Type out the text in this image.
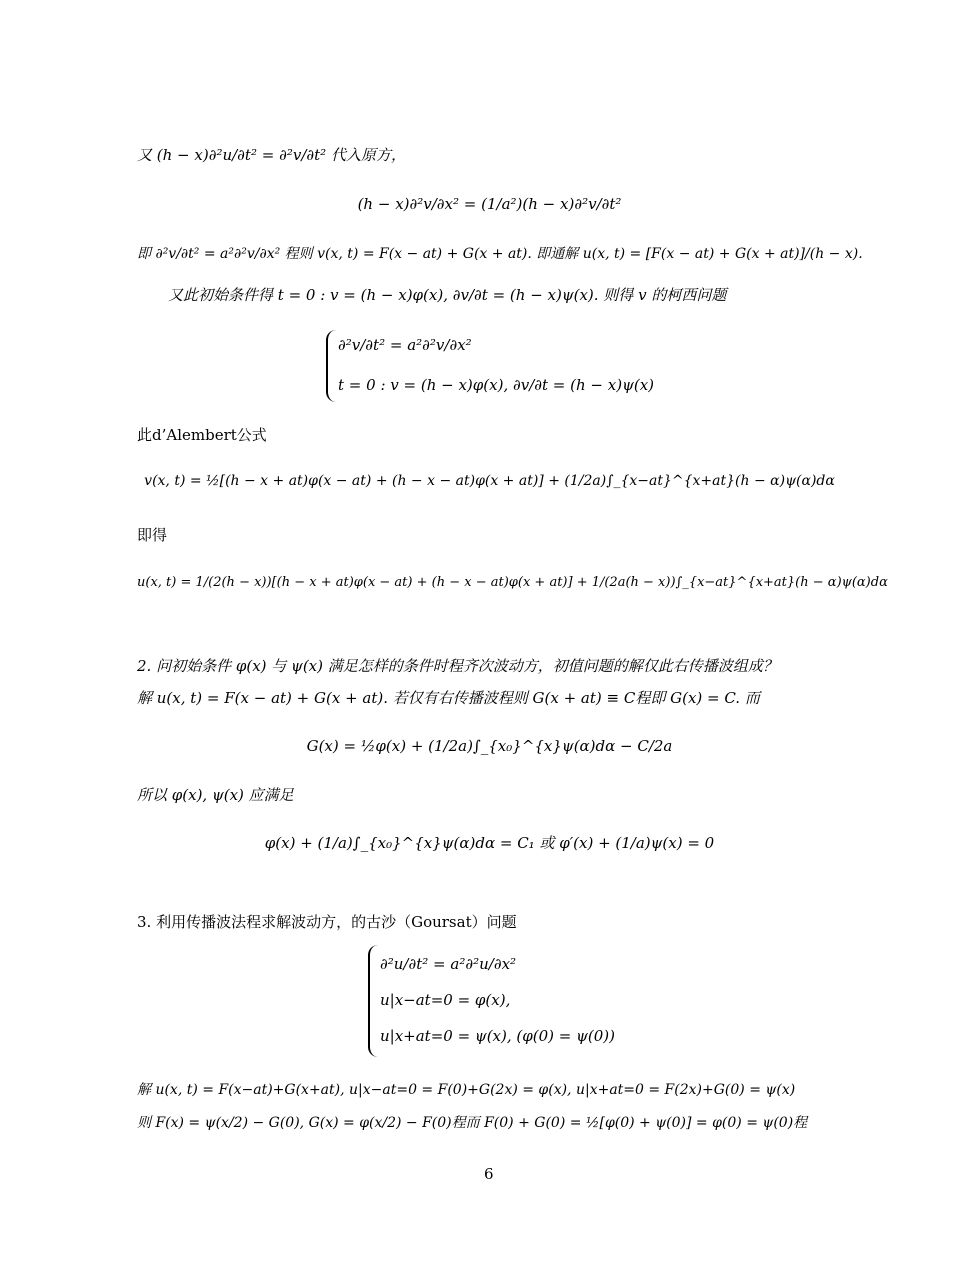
又 (h − x)∂²u/∂t² = ∂²v/∂t² 代入原方，
(h − x)∂²v/∂x² = (1/a²)(h − x)∂²v/∂t²
即 ∂²v/∂t² = a²∂²v/∂x² 程则 v(x, t) = F(x − at) + G(x + at). 即通解 u(x, t) = [F(x − at) + G(x + at)]/(h − x).
又此初始条件得 t = 0 : v = (h − x)φ(x), ∂v/∂t = (h − x)ψ(x). 则得 v 的柯西问题
∂²v/∂t² = a²∂²v/∂x²
t = 0 : v = (h − x)φ(x), ∂v/∂t = (h − x)ψ(x)
此d’Alembert公式
v(x, t) = ½[(h − x + at)φ(x − at) + (h − x − at)φ(x + at)] + (1/2a)∫_{x−at}^{x+at}(h − α)ψ(α)dα
即得
u(x, t) = 1/(2(h − x))[(h − x + at)φ(x − at) + (h − x − at)φ(x + at)] + 1/(2a(h − x))∫_{x−at}^{x+at}(h − α)ψ(α)dα
2. 问初始条件 φ(x) 与 ψ(x) 满足怎样的条件时程齐次波动方，初值问题的解仅此右传播波组成？
解 u(x, t) = F(x − at) + G(x + at). 若仅有右传播波程则 G(x + at) ≡ C程即 G(x) = C. 而
G(x) = ½φ(x) + (1/2a)∫_{x₀}^{x}ψ(α)dα − C/2a
所以 φ(x), ψ(x) 应满足
φ(x) + (1/a)∫_{x₀}^{x}ψ(α)dα = C₁ 或 φ′(x) + (1/a)ψ(x) = 0
3. 利用传播波法程求解波动方，的古沙（Goursat）问题
∂²u/∂t² = a²∂²u/∂x²
u|x−at=0 = φ(x),
u|x+at=0 = ψ(x), (φ(0) = ψ(0))
解 u(x, t) = F(x−at)+G(x+at), u|x−at=0 = F(0)+G(2x) = φ(x), u|x+at=0 = F(2x)+G(0) = ψ(x)
则 F(x) = ψ(x/2) − G(0), G(x) = φ(x/2) − F(0)程而 F(0) + G(0) = ½[φ(0) + ψ(0)] = φ(0) = ψ(0)程
6
